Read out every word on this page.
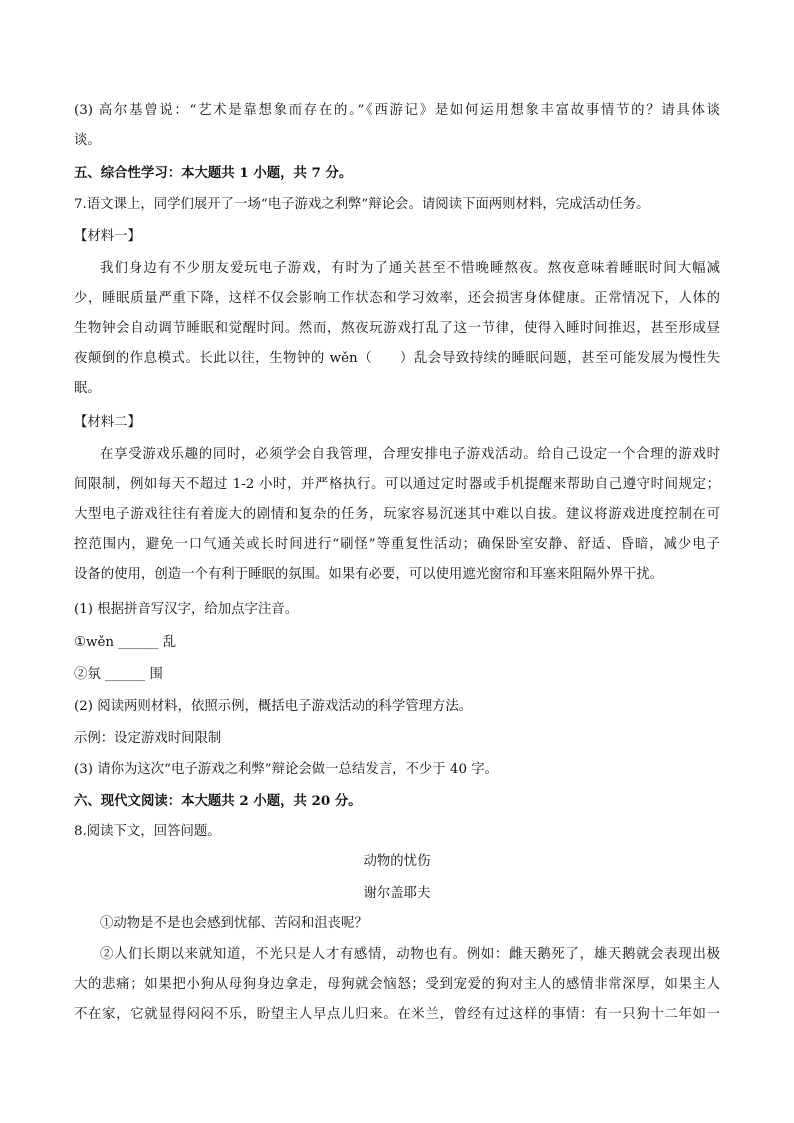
(3) 高尔基曾说：“艺术是靠想象而存在的。”《西游记》是如何运用想象丰富故事情节的？请具体谈
谈。
五、综合性学习：本大题共 1 小题，共 7 分。
7.语文课上，同学们展开了一场“电子游戏之利弊”辩论会。请阅读下面两则材料，完成活动任务。
【材料一】
我们身边有不少朋友爱玩电子游戏，有时为了通关甚至不惜晚睡熬夜。熬夜意味着睡眠时间大幅减
少，睡眠质量严重下降，这样不仅会影响工作状态和学习效率，还会损害身体健康。正常情况下，人体的
生物钟会自动调节睡眠和觉醒时间。然而，熬夜玩游戏打乱了这一节律，使得入睡时间推迟，甚至形成昼
夜颠倒的作息模式。长此以往，生物钟的 wěn（　　）乱会导致持续的睡眠问题，甚至可能发展为慢性失
眠。
【材料二】
在享受游戏乐趣的同时，必须学会自我管理，合理安排电子游戏活动。给自己设定一个合理的游戏时
间限制，例如每天不超过 1-2 小时，并严格执行。可以通过定时器或手机提醒来帮助自己遵守时间规定；
大型电子游戏往往有着庞大的剧情和复杂的任务，玩家容易沉迷其中难以自拔。建议将游戏进度控制在可
控范围内，避免一口气通关或长时间进行“刷怪”等重复性活动；确保卧室安静、舒适、昏暗，减少电子
设备的使用，创造一个有利于睡眠的氛围。如果有必要，可以使用遮光窗帘和耳塞来阻隔外界干扰。
(1) 根据拼音写汉字，给加点字注音。
①wěn ______ 乱
②氛 ______ 围
(2) 阅读两则材料，依照示例，概括电子游戏活动的科学管理方法。
示例：设定游戏时间限制
(3) 请你为这次“电子游戏之利弊”辩论会做一总结发言，不少于 40 字。
六、现代文阅读：本大题共 2 小题，共 20 分。
8.阅读下文，回答问题。
动物的忧伤
谢尔盖耶夫
①动物是不是也会感到忧郁、苦闷和沮丧呢？
②人们长期以来就知道，不光只是人才有感情，动物也有。例如：雌天鹅死了，雄天鹅就会表现出极
大的悲痛；如果把小狗从母狗身边拿走，母狗就会恼怒；受到宠爱的狗对主人的感情非常深厚，如果主人
不在家，它就显得闷闷不乐，盼望主人早点儿归来。在米兰，曾经有过这样的事情：有一只狗十二年如一
